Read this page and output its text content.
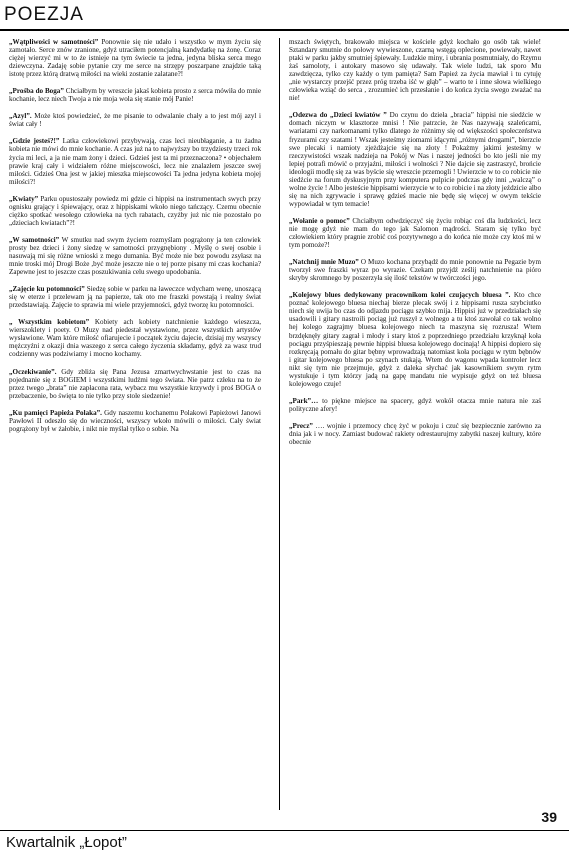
POEZJA

„Wątpliwości w samotności” Ponownie się nie udało i wszystko w mym życiu się zamotało. Serce znów zranione, gdyż utraciłem potencjalną kandydatkę na żonę. Coraz ciężej wierzyć mi w to że istnieje na tym świecie ta jedna, jedyna bliska serca mego dziewczyna. Zadaję sobie pytanie czy me serce na strzępy poszarpane znajdzie taką istotę przez którą dratwą miłości na wieki zostanie zalatane?!

„Prośba do Boga” Chciałbym by wreszcie jakaś kobieta prosto z serca mówiła do mnie kochanie, lecz niech Twoja a nie moja wola się stanie mój Panie!

„Azyl”. Może ktoś powiedzieć, że me pisanie to odwalanie chały a to jest mój azyl i świat cały !

„Gdzie jesteś?!” Latka człowiekowi przybywają, czas leci nieubłaganie, a tu żadna kobieta nie mówi do mnie kochanie. A czas już na to najwyższy bo trzydziesty trzeci rok życia mi leci, a ja nie mam żony i dzieci. Gdzieś jest ta mi przeznaczona? • objechałem prawie kraj cały i widziałem różne miejscowości, lecz nie znalazłem jeszcze swej miłości. Gdzieś Ona jest w jakiej mieszka miejscowości Ta jedna jedyna kobieta mojej miłości?!

„Kwiaty” Parku opustoszały powiedz mi gdzie ci hippisi na instrumentach swych przy ognisku grający i śpiewający, oraz z hippiskami wkoło niego tańczący. Czemu obecnie ciężko spotkać wesołego człowieka na tych rabatach, czyżby już nic nie pozostało po „dzieciach kwiatach”?!

„W samotności” W smutku nad swym życiem rozmyślam pogrążony ja ten człowiek prosty bez dzieci i żony siedzę w samotności przygnębiony . Myślę o swej osobie i nasuwają mi się różne wnioski z mego dumania. Być może nie bez powodu zsyłasz na mnie troski mój Drogi Boże ,być może jeszcze nie o tej porze pisany mi czas kochania? Zapewne jest to jeszcze czas poszukiwania celu swego upodobania.

„Zajęcie ku potomności” Siedzę sobie w parku na ławeczce wdycham wenę, unoszącą się w eterze i przelewam ją na papierze, tak oto me fraszki powstają i realny świat przedstawiają. Zajęcie to sprawia mi wiele przyjemności, gdyż tworzę ku potomności.

„ Wszystkim kobietom” Kobiety ach kobiety natchnienie każdego wieszcza, wierszokletу i poety. O Muzy nad piedestał wystawione, przez wszystkich artystów wysławione. Wam które miłość ofiarujecie i początek życiu dajecie, dzisiaj my wszyscy mężczyźni z okazji dnia waszego z serca całego życzenia składamy, gdyż za wasz trud codzienny was podziwiamy i mocno kochamy.

„Oczekiwanie”. Gdy zbliża się Pana Jezusa zmartwychwstanie jest to czas na pojednanie się z BOGIEM i wszystkimi ludźmi tego świata. Nie patrz człeku na to że przez twego „brata” nie zapłacona rata, wybacz mu wszystkie krzywdy i proś BOGA o przebaczenie, bo święta to nie tylko przy stole siedzenie!

„Ku pamięci Papieża Polaka”. Gdy naszemu kochanemu Polakowi Papieżowi Janowi Pawłowi II odeszło się do wieczności, wszyscy wkoło mówili o miłości. Cały świat pogrążony był w żałobie, i nikt nie myślał tylko o sobie. Na

mszach świętych, brakowało miejsca w kościele gdyż kochało go osób tak wiele! Sztandary smutnie do połowy wywieszone, czarną wstęgą oplecione, powiewały, nawet ptaki w parku jakby smutniej śpiewały. Ludzkie miny, i ubrania posmutniały, do Rzymu żaś samoloty, i autokary masowo się udawały. Tak wiele ludzi, tak sporo Mu zawdzięcza, tylko czy każdy o tym pamięta? Sam Papież za życia mawiał i tu cytuję „nie wystarczy przejść przez próg trzeba iść w głąb” – warto te i inne słowa wielkiego człowieka wziąć do serca , zrozumieć ich przesłanie i do końca życia swego zważać na nie!

„Odezwa do „Dzieci kwiatów ” Do czynu do dzieła „bracia” hippisi nie siedźcie w domach niczym w klasztorze mnisi ! Nie patrzcie, że Nas nazywają szaleńcami, wariatami czy narkomanami tylko dlatego że różnimy się od większości społeczeństwa fryzurami czy szatami ! Wszak jesteśmy ziomami idącymi „różnymi drogami”, bierzcie swe plecaki i namioty zjeżdżajcie się na złoty ! Pokażmy jakimi jesteśmy w rzeczywistości wszak nadzieja na Pokój w Nas i naszej jedności bo kto jeśli nie my lepiej potrafi mówić o przyjaźni, miłości i wolności ? Nie dajcie się zastraszyć, brońcie ideologii modlę się za was byście się wreszcie przemogli ! Uwierzcie w to co robicie nie siedźcie na forum dyskusyjnym przy komputera pulpicie podczas gdy inni „walczą” o wolne życie ! Albo jesteście hippisami wierzycie w to co robicie i na złoty jeździcie albo się na nich zgrywacie i sprawę gdzieś macie nie będę się więcej w owym tekście wypowiadał w tym temacie!

„Wołanie o pomoc” Chciałbym odwdzięczyć się życiu robiąc coś dla ludzkości, lecz nie mogę gdyż nie mam do tego jak Salomon mądrości. Staram się tylko być człowiekiem który pragnie zrobić coś pozytywnego a do końca nie może czy ktoś mi w tym pomoże?!

„Natchnij mnie Muzo” O Muzo kochana przybądź do mnie ponownie na Pegazie bym tworzył swe fraszki wyraz po wyrazie. Czekam przyjdź ześlij natchnienie na pióro skryby skromnego by poszerzyła się ilość tekstów w twórczości jego.

„Kolejowy blues dedykowany pracownikom kolei czujących bluesa ”. Kto chce poznać kolejowego bluesa niechaj bierze plecak swój i z hippisami rusza szybciutko niech się uwija bo czas do odjazdu pociągu szybko mija. Hippisi już w przedziałach się usadowili i gitary nastroili pociąg już ruszył z wolnego a tu ktoś zawołał co tak wolno hej kolego zagrajmy bluesa kolejowego niech ta maszyna się rozrusza! Wtem brzdęknęły gitary zagrał i młody i stary ktoś z poprzedniego przedziału krzyknął koła pociągu przyśpieszają pewnie hippisi bluesa kolejowego docinają! A hippisi dopiero się rozkręcają pomału do gitar bębny wprowadzają natomiast koła pociągu w rytm bębnów i gitar kolejowego bluesa po szynach stukają. Wtem do wagonu wpada kontroler lecz nikt się tym nie przejmuje, gdyż z daleka słychać jak kasownikiem swym rytm wystukuje i tym którzy jadą na gapę mandatu nie wypisuje gdyż on też bluesa kolejowego czuje!

„Park”… to piękne miejsce na spacery, gdyż wokół otacza mnie natura nie zaś polityczne afery!

„Precz” …. wojnie i przemocy chcę żyć w pokoju i czuć się bezpiecznie zarówno za dnia jak i w nocy. Zamiast budować rakiety odrestaurujmy zabytki naszej kultury, które obecnie

39
Kwartalnik „Łopot”
